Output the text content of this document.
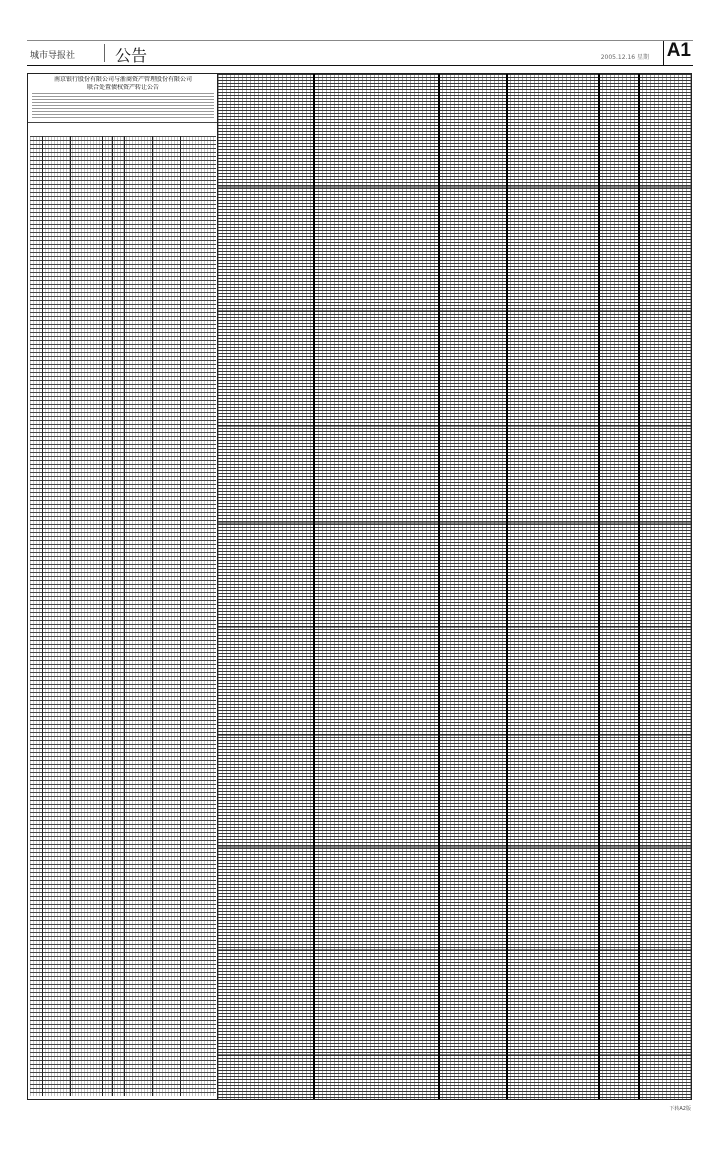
城市导报社 公告	2005.12.16 星期 A1
南京银行股份有限公司与浙商资产管理股份有限公司
联合处置债权资产转让公告
下转A2版
